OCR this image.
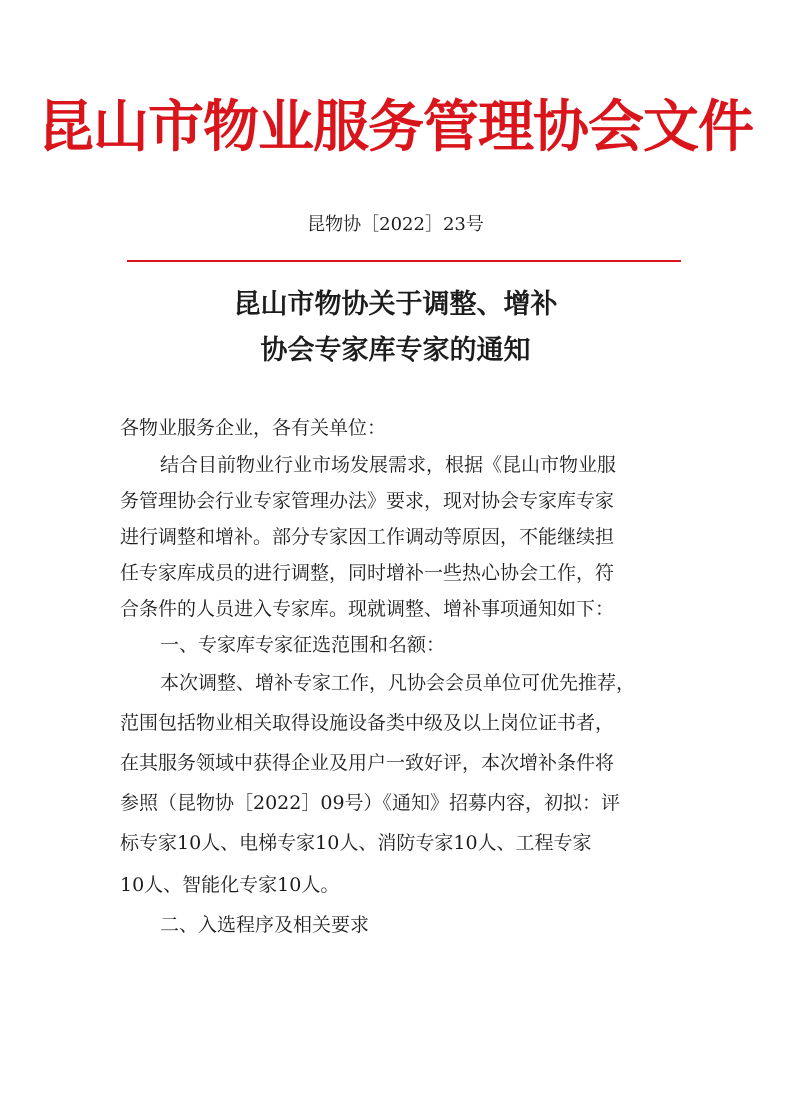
昆山市物业服务管理协会文件
昆物协［2022］23号
昆山市物协关于调整、增补
协会专家库专家的通知
各物业服务企业，各有关单位：
结合目前物业行业市场发展需求，根据《昆山市物业服
务管理协会行业专家管理办法》要求，现对协会专家库专家
进行调整和增补。部分专家因工作调动等原因，不能继续担
任专家库成员的进行调整，同时增补一些热心协会工作，符
合条件的人员进入专家库。现就调整、增补事项通知如下：
一、专家库专家征选范围和名额：
本次调整、增补专家工作，凡协会会员单位可优先推荐，
范围包括物业相关取得设施设备类中级及以上岗位证书者，
在其服务领域中获得企业及用户一致好评，本次增补条件将
参照（昆物协［2022］09号）《通知》招募内容，初拟：评
标专家10人、电梯专家10人、消防专家10人、工程专家
10人、智能化专家10人。
二、入选程序及相关要求
